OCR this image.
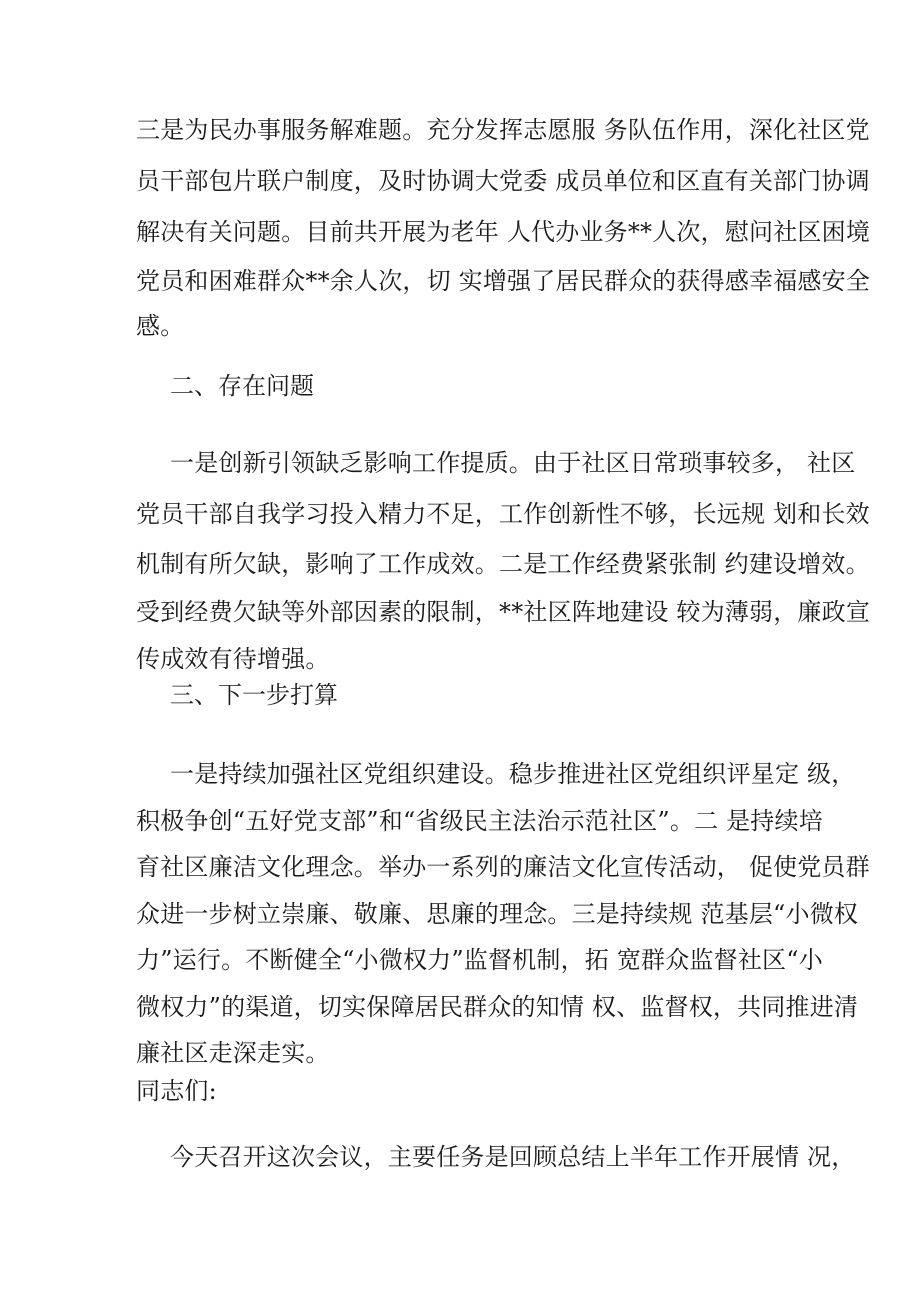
三是为民办事服务解难题。充分发挥志愿服 务队伍作用，深化社区党
员干部包片联户制度，及时协调大党委 成员单位和区直有关部门协调
解决有关问题。目前共开展为老年 人代办业务**人次，慰问社区困境
党员和困难群众**余人次，切 实增强了居民群众的获得感幸福感安全
感。
二、存在问题
一是创新引领缺乏影响工作提质。由于社区日常琐事较多， 社区
党员干部自我学习投入精力不足，工作创新性不够，长远规 划和长效
机制有所欠缺，影响了工作成效。二是工作经费紧张制 约建设增效。
受到经费欠缺等外部因素的限制，**社区阵地建设 较为薄弱，廉政宣
传成效有待增强。
三、下一步打算
一是持续加强社区党组织建设。稳步推进社区党组织评星定 级，
积极争创“五好党支部”和“省级民主法治示范社区”。二 是持续培
育社区廉洁文化理念。举办一系列的廉洁文化宣传活动， 促使党员群
众进一步树立崇廉、敬廉、思廉的理念。三是持续规 范基层“小微权
力”运行。不断健全“小微权力”监督机制，拓 宽群众监督社区“小
微权力”的渠道，切实保障居民群众的知情 权、监督权，共同推进清
廉社区走深走实。
同志们:
今天召开这次会议，主要任务是回顾总结上半年工作开展情 况，
